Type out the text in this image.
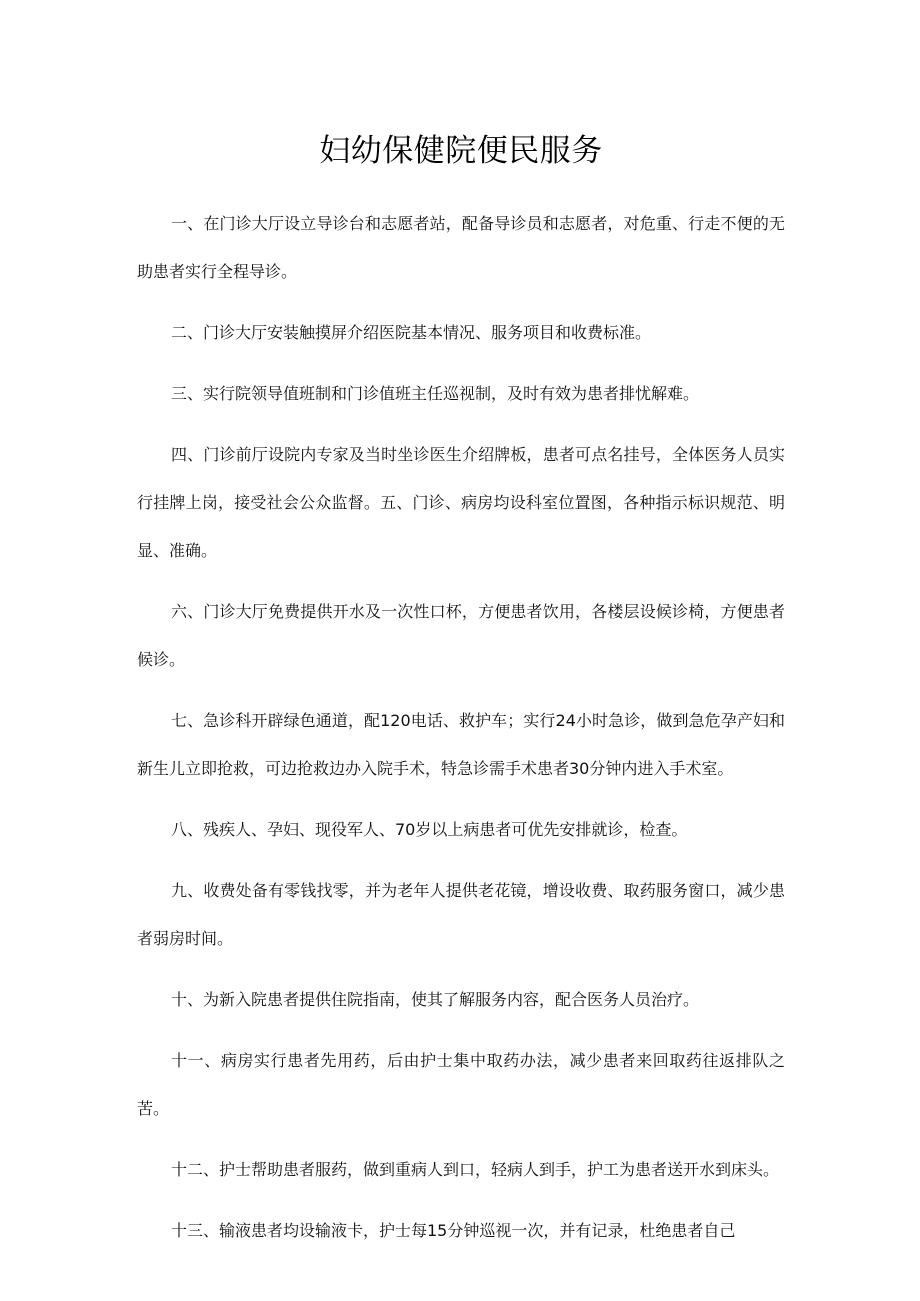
妇幼保健院便民服务

一、在门诊大厅设立导诊台和志愿者站，配备导诊员和志愿者，对危重、行走不便的无助患者实行全程导诊。

二、门诊大厅安装触摸屏介绍医院基本情况、服务项目和收费标准。

三、实行院领导值班制和门诊值班主任巡视制，及时有效为患者排忧解难。

四、门诊前厅设院内专家及当时坐诊医生介绍牌板，患者可点名挂号，全体医务人员实行挂牌上岗，接受社会公众监督。五、门诊、病房均设科室位置图，各种指示标识规范、明显、准确。

六、门诊大厅免费提供开水及一次性口杯，方便患者饮用，各楼层设候诊椅，方便患者候诊。

七、急诊科开辟绿色通道，配120电话、救护车；实行24小时急诊，做到急危孕产妇和新生儿立即抢救，可边抢救边办入院手术，特急诊需手术患者30分钟内进入手术室。

八、残疾人、孕妇、现役军人、70岁以上病患者可优先安排就诊，检查。

九、收费处备有零钱找零，并为老年人提供老花镜，增设收费、取药服务窗口，减少患者弱房时间。

十、为新入院患者提供住院指南，使其了解服务内容，配合医务人员治疗。

十一、病房实行患者先用药，后由护士集中取药办法，减少患者来回取药往返排队之苦。

十二、护士帮助患者服药，做到重病人到口，轻病人到手，护工为患者送开水到床头。

十三、输液患者均设输液卡，护士每15分钟巡视一次，并有记录，杜绝患者自己
